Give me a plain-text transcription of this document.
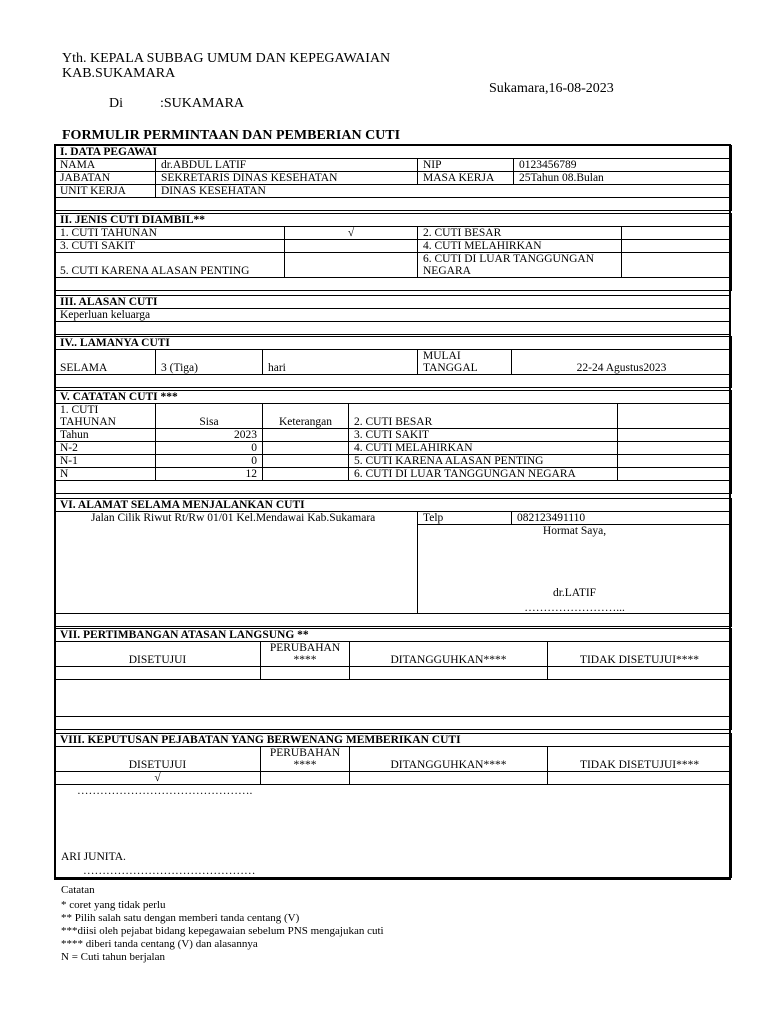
Yth. KEPALA SUBBAG UMUM DAN KEPEGAWAIAN
KAB.SUKAMARA
Sukamara,16-08-2023
Di	:SUKAMARA
FORMULIR PERMINTAAN DAN PEMBERIAN CUTI
I. DATA PEGAWAI			
NAMA	dr.ABDUL LATIF	NIP	0123456789
JABATAN	SEKRETARIS DINAS KESEHATAN	MASA KERJA	25Tahun 08.Bulan
UNIT KERJA	DINAS KESEHATAN		

II. JENIS CUTI DIAMBIL**			
1. CUTI TAHUNAN	√	2. CUTI BESAR	
3. CUTI SAKIT		4. CUTI MELAHIRKAN	
5. CUTI KARENA ALASAN PENTING		6. CUTI DI LUAR TANGGUNGAN NEGARA	

III. ALASAN CUTI
Keperluan keluarga

IV.. LAMANYA CUTI
SELAMA	3 (Tiga)	hari	MULAI TANGGAL	22-24 Agustus2023

V. CATATAN CUTI ***				
1. CUTI TAHUNAN	Sisa	Keterangan	2. CUTI BESAR	
Tahun	2023		3. CUTI SAKIT	
N-2	0		4. CUTI MELAHIRKAN	
N-1	0		5. CUTI KARENA ALASAN PENTING	
N	12		6. CUTI DI LUAR TANGGUNGAN NEGARA	

VI. ALAMAT SELAMA MENJALANKAN CUTI
Jalan Cilik Riwut Rt/Rw 01/01 Kel.Mendawai Kab.Sukamara	Telp	082123491110

Hormat Saya,
dr.LATIF
……………………...

VII. PERTIMBANGAN ATASAN LANGSUNG **			
DISETUJUI	PERUBAHAN ****	DITANGGUHKAN****	TIDAK DISETUJUI****

VIII. KEPUTUSAN PEJABATAN YANG BERWENANG MEMBERIKAN CUTI			
DISETUJUI	PERUBAHAN ****	DITANGGUHKAN****	TIDAK DISETUJUI****
√			

……………………………………….
ARI JUNITA.
………………………………………			
Catatan
* coret yang tidak perlu
** Pilih salah satu dengan memberi tanda centang (V)
***diisi oleh pejabat bidang kepegawaian sebelum PNS mengajukan cuti
**** diberi tanda centang (V) dan alasannya
N = Cuti tahun berjalan
